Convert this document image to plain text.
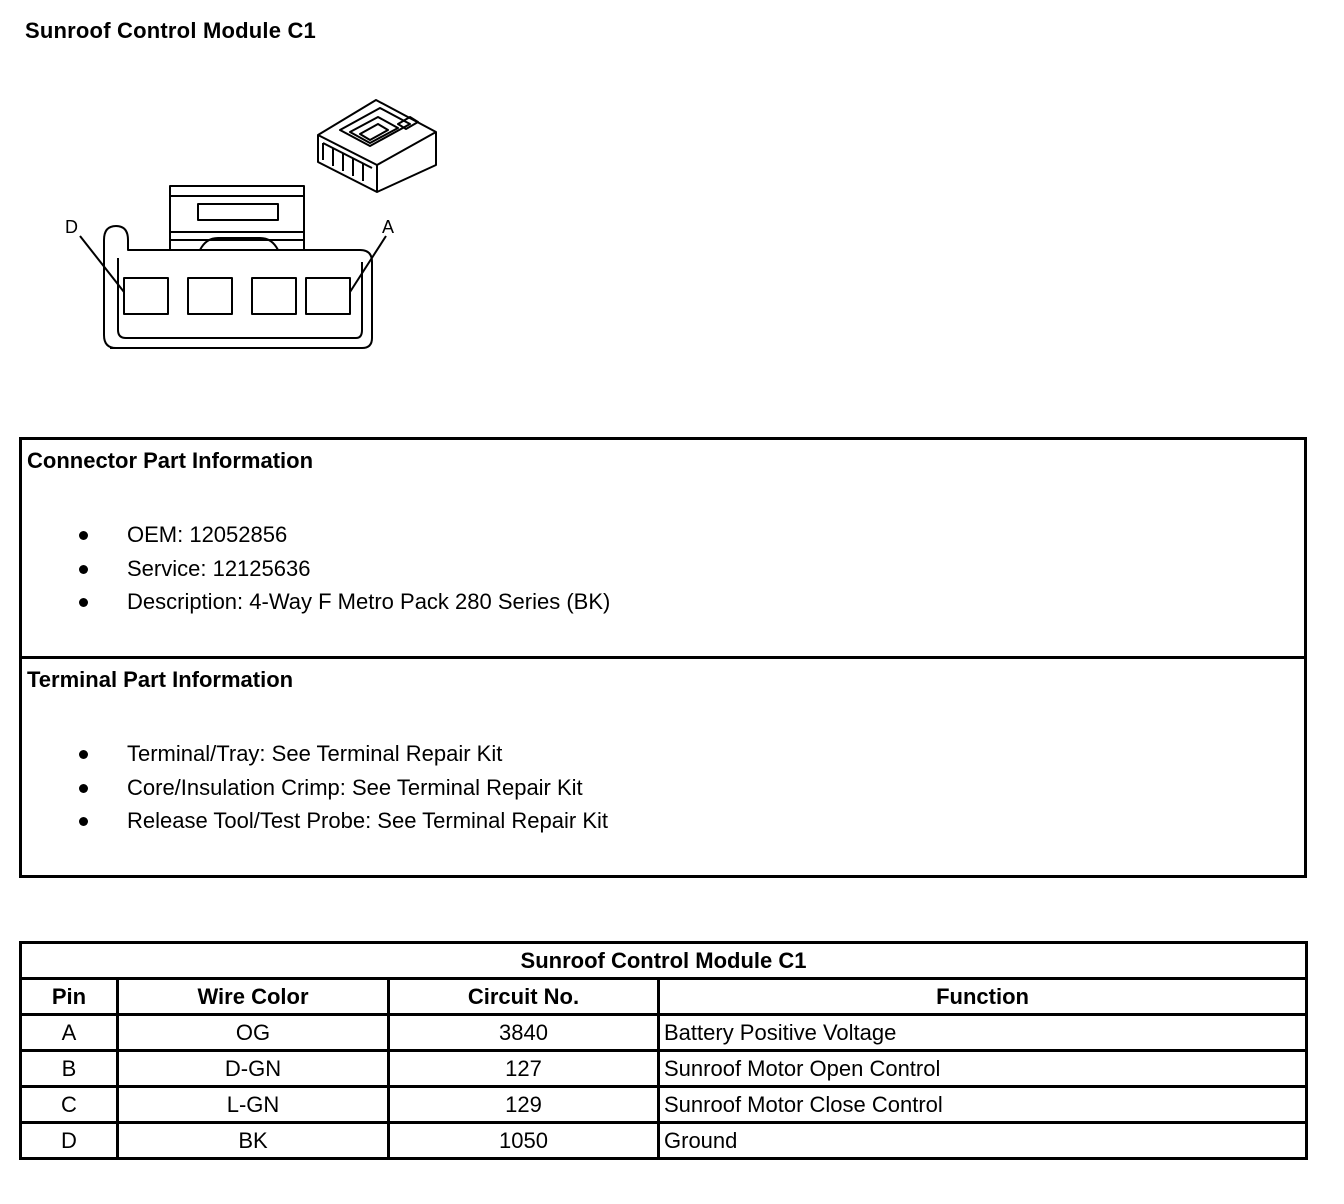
Sunroof Control Module C1
D	A
Connector Part Information
OEM: 12052856
Service: 12125636
Description: 4-Way F Metro Pack 280 Series (BK)
Terminal Part Information
Terminal/Tray: See Terminal Repair Kit
Core/Insulation Crimp: See Terminal Repair Kit
Release Tool/Test Probe: See Terminal Repair Kit
Sunroof Control Module C1			
Pin	Wire Color	Circuit No.	Function
A	OG	3840	Battery Positive Voltage
B	D-GN	127	Sunroof Motor Open Control
C	L-GN	129	Sunroof Motor Close Control
D	BK	1050	Ground
